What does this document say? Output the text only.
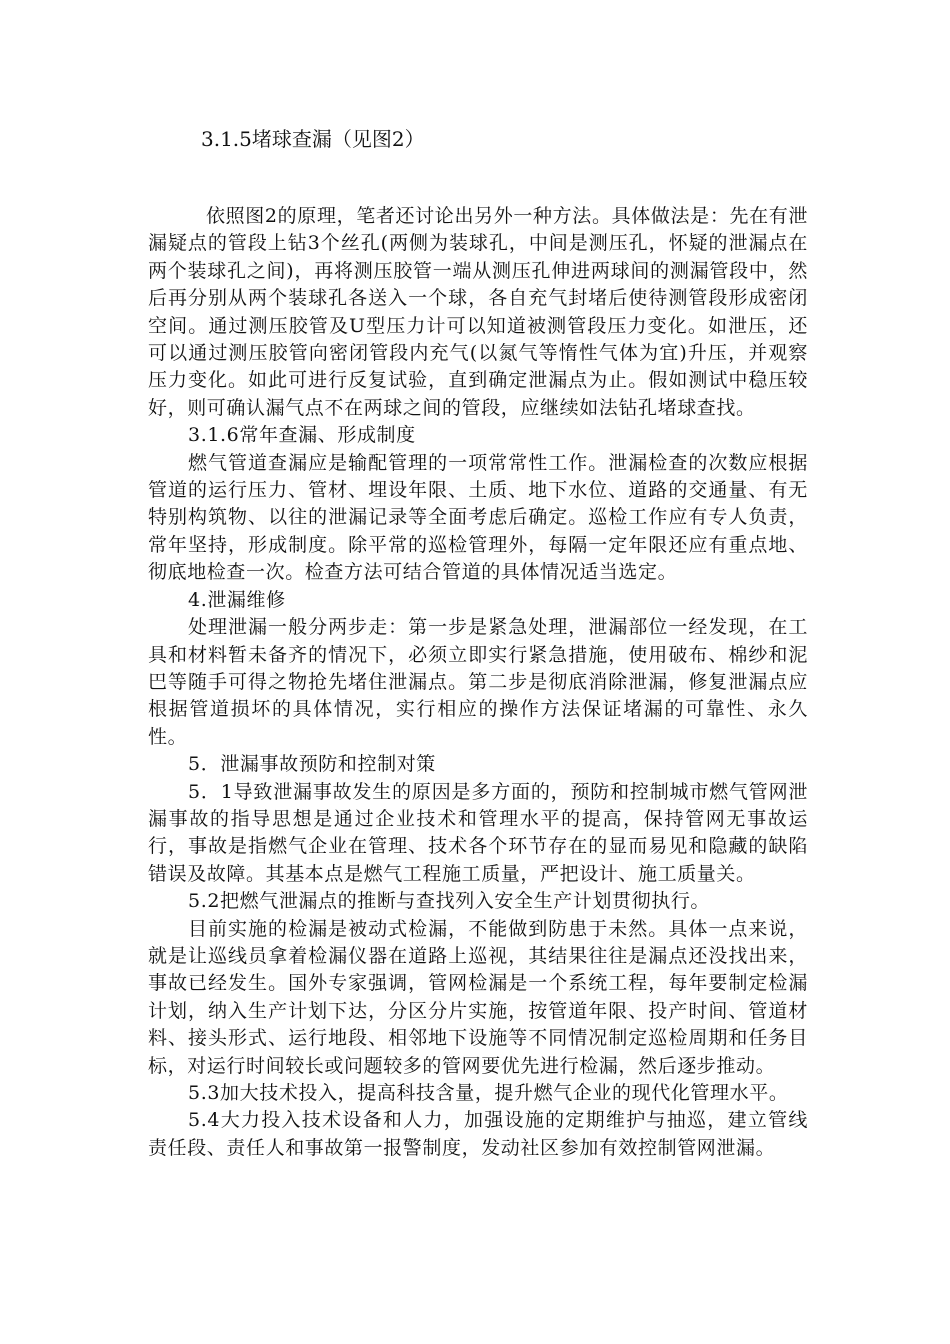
3.1.5堵球查漏（见图2）

依照图2的原理，笔者还讨论出另外一种方法。具体做法是：先在有泄漏疑点的管段上钻3个丝孔(两侧为装球孔，中间是测压孔，怀疑的泄漏点在两个装球孔之间)，再将测压胶管一端从测压孔伸进两球间的测漏管段中，然后再分别从两个装球孔各送入一个球，各自充气封堵后使待测管段形成密闭空间。通过测压胶管及U型压力计可以知道被测管段压力变化。如泄压，还可以通过测压胶管向密闭管段内充气(以氮气等惰性气体为宜)升压，并观察压力变化。如此可进行反复试验，直到确定泄漏点为止。假如测试中稳压较好，则可确认漏气点不在两球之间的管段，应继续如法钻孔堵球查找。

3.1.6常年查漏、形成制度

燃气管道查漏应是输配管理的一项常常性工作。泄漏检查的次数应根据管道的运行压力、管材、埋设年限、土质、地下水位、道路的交通量、有无特别构筑物、以往的泄漏记录等全面考虑后确定。巡检工作应有专人负责，常年坚持，形成制度。除平常的巡检管理外，每隔一定年限还应有重点地、彻底地检查一次。检查方法可结合管道的具体情况适当选定。

4.泄漏维修

处理泄漏一般分两步走：第一步是紧急处理，泄漏部位一经发现，在工具和材料暂未备齐的情况下，必须立即实行紧急措施，使用破布、棉纱和泥巴等随手可得之物抢先堵住泄漏点。第二步是彻底消除泄漏，修复泄漏点应根据管道损坏的具体情况，实行相应的操作方法保证堵漏的可靠性、永久性。

5．泄漏事故预防和控制对策

5．1导致泄漏事故发生的原因是多方面的，预防和控制城市燃气管网泄漏事故的指导思想是通过企业技术和管理水平的提高，保持管网无事故运行，事故是指燃气企业在管理、技术各个环节存在的显而易见和隐藏的缺陷错误及故障。其基本点是燃气工程施工质量，严把设计、施工质量关。

5.2把燃气泄漏点的推断与查找列入安全生产计划贯彻执行。

目前实施的检漏是被动式检漏，不能做到防患于未然。具体一点来说，就是让巡线员拿着检漏仪器在道路上巡视，其结果往往是漏点还没找出来，事故已经发生。国外专家强调，管网检漏是一个系统工程，每年要制定检漏计划，纳入生产计划下达，分区分片实施，按管道年限、投产时间、管道材料、接头形式、运行地段、相邻地下设施等不同情况制定巡检周期和任务目标，对运行时间较长或问题较多的管网要优先进行检漏，然后逐步推动。

5.3加大技术投入，提高科技含量，提升燃气企业的现代化管理水平。

5.4大力投入技术设备和人力，加强设施的定期维护与抽巡，建立管线责任段、责任人和事故第一报警制度，发动社区参加有效控制管网泄漏。
